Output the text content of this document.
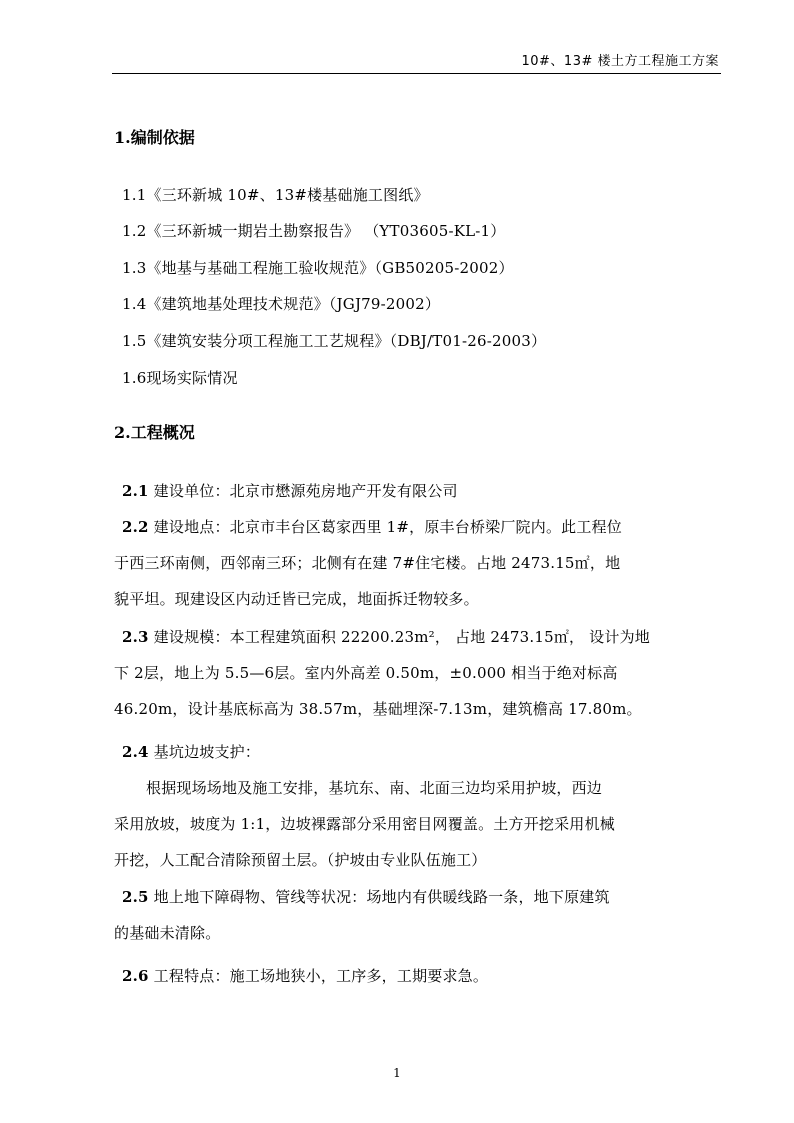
10#、13# 楼土方工程施工方案
1.编制依据
1.1《三环新城 10#、13#楼基础施工图纸》
1.2《三环新城一期岩土勘察报告》 （YT03605-KL-1）
1.3《地基与基础工程施工验收规范》（GB50205-2002）
1.4《建筑地基处理技术规范》（JGJ79-2002）
1.5《建筑安装分项工程施工工艺规程》（DBJ/T01-26-2003）
1.6现场实际情况
2.工程概况
2.1 建设单位：北京市懋源苑房地产开发有限公司
2.2 建设地点：北京市丰台区葛家西里 1#，原丰台桥梁厂院内。此工程位
于西三环南侧，西邻南三环；北侧有在建 7#住宅楼。占地 2473.15㎡，地
貌平坦。现建设区内动迁皆已完成，地面拆迁物较多。
2.3 建设规模：本工程建筑面积 22200.23m²， 占地 2473.15㎡， 设计为地
下 2层，地上为 5.5—6层。室内外高差 0.50m，±0.000 相当于绝对标高
46.20m，设计基底标高为 38.57m，基础埋深-7.13m，建筑檐高 17.80m。
2.4 基坑边坡支护：
根据现场场地及施工安排，基坑东、南、北面三边均采用护坡，西边
采用放坡，坡度为 1:1，边坡裸露部分采用密目网覆盖。土方开挖采用机械
开挖，人工配合清除预留土层。（护坡由专业队伍施工）
2.5 地上地下障碍物、管线等状况：场地内有供暖线路一条，地下原建筑
的基础未清除。
2.6 工程特点：施工场地狭小，工序多，工期要求急。
1
